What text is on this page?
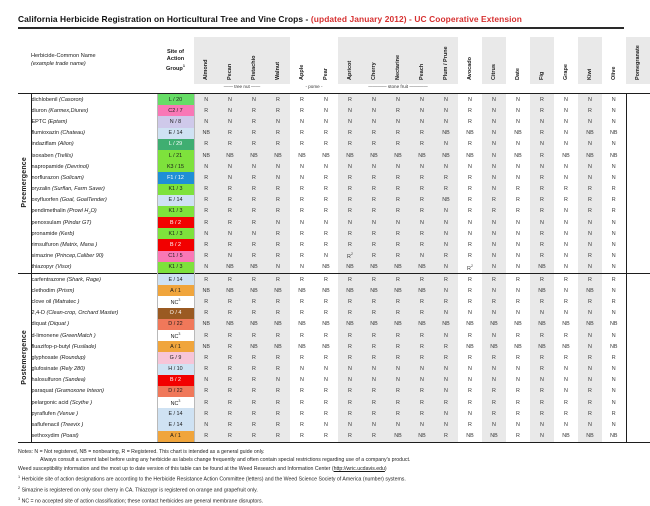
California Herbicide Registration on Horticultural Tree and Vine Crops - (updated January 2012) - UC Cooperative Extension
	Herbicide-Common Name
(example trade name)	Site of
Action
Group$^1$	Almond	Pecan	Pistachio	Walnut	Apple	Pear	Apricot	Cherry	Nectarine	Peach	Plum / Prune	Avocado	Citrus	Date	Fig	Grape	Kiwi	Olive	Pomegranate

			—— tree nut ——				- pome -		———— stone fruit ————												

Preemergence	dichlobenil (Casoron)	L / 20	N	N	N	R	R	N	R	N	N	N	N	N	N	N	R	N	N	N	
	diuron (Karmex,Diurex)	C2 / 7	R	N	R	R	R	N	N	N	R	N	N	R	N	N	R	N	R	N	
	EPTC (Eptam)	N / 8	N	N	R	N	N	N	N	N	N	N	N	R	N	N	N	N	N	N	
	flumioxazin (Chateau)	E / 14	NB	R	R	R	R	R	R	R	R	R	NB	NB	N	NB	R	N	NB	NB	
	indaziflam (Alion)	L / 29	R	R	R	R	R	R	R	R	R	R	N	R	N	N	N	N	N	N	
	isoxaben (Trellis)	L / 21	NB	NB	NB	NB	NB	NB	NB	NB	NB	NB	NB	NB	N	NB	R	NB	NB	NB	
	napropamide (Devrinol)	K3 / 15	N	N	N	N	N	N	N	N	N	N	N	N	N	N	N	N	N	N	
	norflurazon (Solicam)	F1 / 12	R	N	R	N	N	R	R	R	R	R	R	R	N	N	R	N	N	N	
	oryzalin (Surflan, Farm Saver)	K1 / 3	R	R	R	R	R	R	R	R	R	R	R	R	N	R	R	R	R	R	
	oxyfluorfen (Goal, GoalTender)	E / 14	R	R	R	R	R	R	R	R	R	R	NB	R	R	R	R	R	R	R	
	pendimethalin (Prowl $H_2O$)	K1 / 3	R	R	R	R	R	R	R	R	R	R	N	R	R	R	R	N	R	R	
	penoxsulam (Pindar GT)	B / 2	R	R	R	N	N	N	N	N	N	N	N	N	N	N	N	N	N	N	
	pronamide (Kerb)	K1 / 3	N	N	N	R	R	R	R	R	R	R	N	N	N	N	R	N	N	N	
	rimsulfuron (Matrix, Mana )	B / 2	R	R	R	R	R	R	R	R	R	R	N	R	N	N	R	N	N	N	
	simazine (Princep,Caliber 90)	C1 / 5	R	N	R	R	R	N	$R^2$	R	R	N	R	R	N	N	R	N	R	N	
	thiazopyr (Visor)	K1 / 3	N	NB	NB	N	N	NB	NB	NB	NB	NB	N	$R^2$	N	N	NB	N	N	N	

Postemergence	carfentrazone (Shark, Rage)	E / 14	R	R	R	R	R	R	R	R	R	R	R	R	R	R	R	R	R	R	
	clethodim (Prism)	A / 1	NB	NB	NB	NB	NB	NB	NB	NB	NB	NB	N	R	N	N	NB	N	NB	N	
	clove oil (Matratec )	$NC^3$	R	R	R	R	R	R	R	R	R	R	R	R	R	R	R	R	R	R	
	2,4-D (Clean-crop, Orchard Master)	O / 4	R	R	R	R	R	R	R	R	R	R	N	N	N	N	N	N	N	N	
	diquat (Diquat )	D / 22	NB	NB	NB	NB	NB	NB	NB	NB	NB	NB	NB	NB	NB	NB	NB	NB	NB	NB	
	d-limonene (GreenMatch )	$NC^3$	R	R	R	R	R	R	R	R	R	R	N	R	N	R	R	R	N	N	
	fluazifop-p-butyl (Fusilade)	A / 1	NB	R	NB	NB	NB	NB	R	R	R	R	R	NB	NB	NB	NB	NB	N	NB	
	glyphosate (Roundup)	G / 9	R	R	R	R	R	R	R	R	R	R	R	R	R	R	R	R	R	R	
	glufosinate (Rely 280)	H / 10	R	R	R	R	N	N	N	N	N	N	N	N	N	N	R	N	N	N	
	halosulfuron (Sandea)	B / 2	N	R	R	N	N	N	N	N	N	N	N	N	N	N	N	N	N	N	
	paraquat (Gramoxone Inteon)	D / 22	R	R	R	R	R	R	R	R	R	R	N	R	R	R	R	N	R	N	
	pelargonic acid (Scythe )	$NC^3$	R	R	R	R	R	R	R	R	R	R	R	R	R	R	R	R	R	N	
	pyraflufen (Venue )	E / 14	R	R	R	R	R	R	R	R	R	R	N	N	R	R	R	R	R	R	
	saflufenacil (Treevix )	E / 14	N	R	R	R	R	N	N	N	N	N	N	R	N	N	N	N	N	N	
	sethoxydim (Poast)	A / 1	R	R	R	R	R	R	R	R	NB	NB	R	NB	NB	R	N	NB	NB	NB	

Notes: N = Not registered, NB = nonbearing, R = Registered. This chart is intended as a general guide only.

Always consult a current label before using any herbicide as labels change frequently and often contain special restrictions regarding use of a company's product.

Weed susceptibility information and the most up to date version of this table can be found at the Weed Research and Information Center (http://wric.ucdavis.edu)

$^1$ Herbicide site of action designations are according to the Herbicide Resistance Action Committee (letters) and the Weed Science Society of America (number) systems.

$^2$ Simazine is registered on only sour cherry in CA. Thiazoypr is registered on orange and grapefruit only.

$^3$ NC = no accepted site of action classification; these contact herbicides are general membrane disruptors.
